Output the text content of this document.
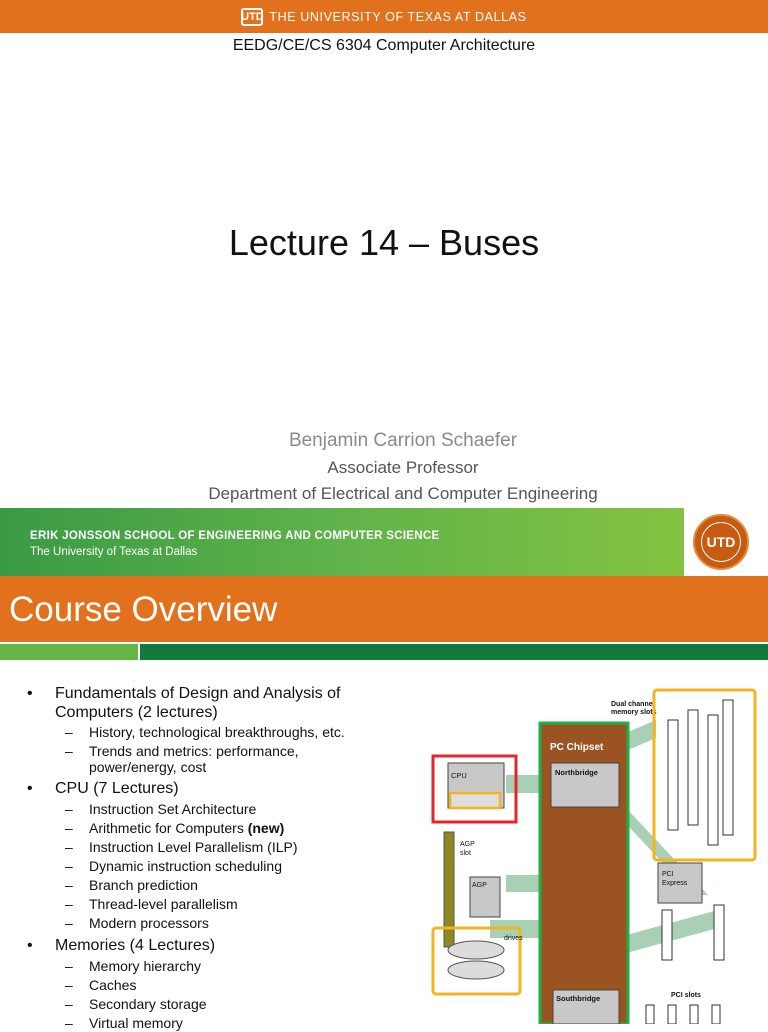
UTD THE UNIVERSITY OF TEXAS AT DALLAS
EEDG/CE/CS 6304 Computer Architecture
Lecture 14 – Buses
Benjamin Carrion Schaefer
Associate Professor
Department of Electrical and Computer Engineering
ERIK JONSSON SCHOOL OF ENGINEERING AND COMPUTER SCIENCE
The University of Texas at Dallas
UTD
Course Overview
• Fundamentals of Design and Analysis of Computers (2 lectures)
– History, technological breakthroughs, etc.
– Trends and metrics: performance, power/energy, cost
• CPU (7 Lectures)
– Instruction Set Architecture
– Arithmetic for Computers (new)
– Instruction Level Parallelism (ILP)
– Dynamic instruction scheduling
– Branch prediction
– Thread-level parallelism
– Modern processors
• Memories (4 Lectures)
– Memory hierarchy
– Caches
– Secondary storage
– Virtual memory
PC Chipset
Northbridge
Southbridge
CPU
AGP
slot
AGP
drives
Dual channel
memory slots
PCI
Express
PCI slots
